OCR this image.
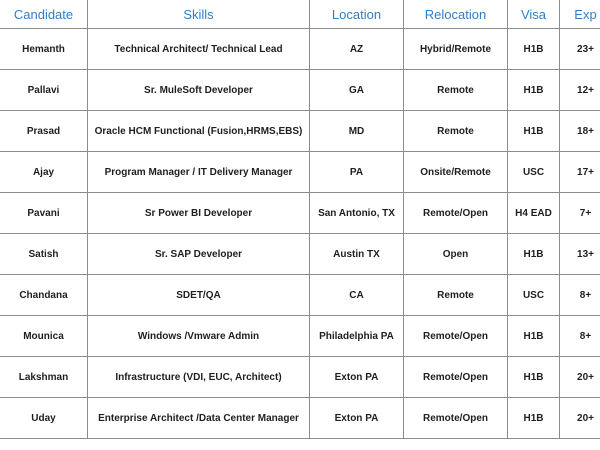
Candidate	Skills	Location	Relocation	Visa	Exp
Hemanth	Technical Architect/ Technical Lead	AZ	Hybrid/Remote	H1B	23+
Pallavi	Sr. MuleSoft Developer	GA	Remote	H1B	12+
Prasad	Oracle HCM Functional (Fusion,HRMS,EBS)	MD	Remote	H1B	18+
Ajay	Program Manager / IT Delivery Manager	PA	Onsite/Remote	USC	17+
Pavani	Sr Power BI Developer	San Antonio, TX	Remote/Open	H4 EAD	7+
Satish	Sr. SAP Developer	Austin TX	Open	H1B	13+
Chandana	SDET/QA	CA	Remote	USC	8+
Mounica	Windows /Vmware Admin	Philadelphia PA	Remote/Open	H1B	8+
Lakshman	Infrastructure (VDI, EUC, Architect)	Exton PA	Remote/Open	H1B	20+
Uday	Enterprise Architect /Data Center Manager	Exton PA	Remote/Open	H1B	20+
